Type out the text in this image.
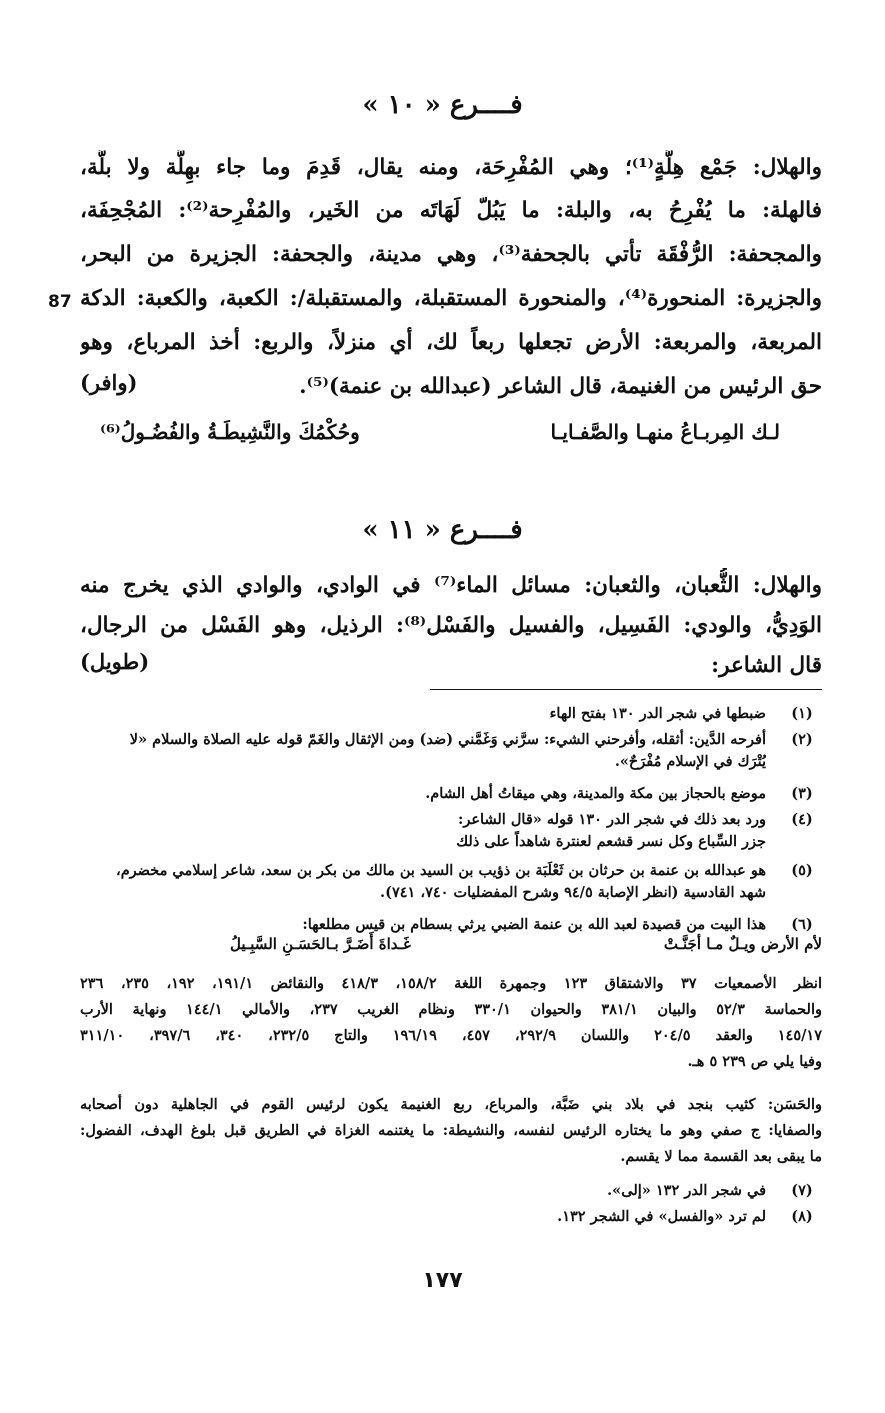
فــــرع « ١٠ »
والهلال: جَمْع هِلَّةٍ⁽¹⁾؛ وهي المُفْرِحَة، ومنه يقال، قَدِمَ وما جاء بهِلَّة ولا بلَّة،
فالهلة: ما يُفْرِحُ به، والبلة: ما يَبُلّ لَهَاتَه من الخَير، والمُفْرِحة⁽²⁾: المُجْحِفَة،
والمجحفة: الرُّفْقَة تأتي بالجحفة⁽³⁾، وهي مدينة، والجحفة: الجزيرة من البحر،
والجزيرة: المنحورة⁽⁴⁾، والمنحورة المستقبلة، والمستقبلة/: الكعبة، والكعبة: الدكة
87
المربعة، والمربعة: الأرض تجعلها ربعاً لك، أي منزلاً، والربع: أخذ المرباع، وهو
حق الرئيس من الغنيمة، قال الشاعر (عبدالله بن عنمة)⁽⁵⁾.
(وافر)
لـك المِربـاعُ منهـا والصَّفـايـا
وحُكْمُكَ والنَّشِيطَـةُ والفُضُـولُ⁽⁶⁾
فــــرع « ١١ »
والهلال: الثُّعبان، والثعبان: مسائل الماء⁽⁷⁾ في الوادي، والوادي الذي يخرج منه
الوَدِيُّ، والودي: الفَسِيل، والفسيل والفَسْل⁽⁸⁾: الرذيل، وهو الفَسْل من الرجال،
قال الشاعر:
(طويل)
(١)
ضبطها في شجر الدر ١٣٠ بفتح الهاء
(٢)
أفرحه الدَّين: أثقله، وأفرحني الشيء: سرَّني وَغَمَّني (ضد) ومن الإثقال والغَمّ قوله عليه الصلاة والسلام «لا
يُتْرَك في الإسلام مُفْرَحٌ».
(٣)
موضع بالحجاز بين مكة والمدينة، وهي ميقاتُ أهل الشام.
(٤)
ورد بعد ذلك في شجر الدر ١٣٠ قوله «قال الشاعر:
جزر السِّباع وكل نسر قشعم لعنترة شاهداً على ذلك
(٥)
هو عبدالله بن عنمة بن حرثان بن ثَعْلَبَة بن ذؤيب بن السيد بن مالك من بكر بن سعد، شاعر إسلامي مخضرم،
شهد القادسية (انظر الإصابة ٩٤/٥ وشرح المفضليات ٧٤٠، ٧٤١).
(٦)
هذا البيت من قصيدة لعبد الله بن عنمة الضبي يرثي بسطام بن قيس مطلعها:
لأم الأرض ويـلٌ مـا أجَنَّـتْ
غَـداةَ أَضَـرَّ بـالحَسَـنِ السَّبِـيلُ
انظر الأصمعيات ٣٧ والاشتقاق ١٢٣ وجمهرة اللغة ١٥٨/٢، ٤١٨/٣ والنقائض ١٩١/١، ١٩٢، ٢٣٥، ٢٣٦
والحماسة ٥٢/٣ والبيان ٣٨١/١ والحيوان ٣٣٠/١ ونظام الغريب ٢٣٧، والأمالي ١٤٤/١ ونهاية الأرب
١٤٥/١٧ والعقد ٢٠٤/٥ واللسان ٢٩٢/٩، ٤٥٧، ١٩٦/١٩ والتاج ٢٣٢/٥، ٣٤٠، ٣٩٧/٦، ٣١١/١٠
وفيا يلي ص ٢٣٩ ٥ هـ.
والحَسَن: كثيب بنجد في بلاد بني ضَبَّة، والمرباع، ربع الغنيمة يكون لرئيس القوم في الجاهلية دون أصحابه
والصفايا: ج صفي وهو ما يختاره الرئيس لنفسه، والنشيطة: ما يغتنمه الغزاة في الطريق قبل بلوغ الهدف، الفضول:
ما يبقى بعد القسمة مما لا يقسم.
(٧)
في شجر الدر ١٣٢ «إلى».
(٨)
لم ترد «والفسل» في الشجر ١٣٢.
١٧٧
